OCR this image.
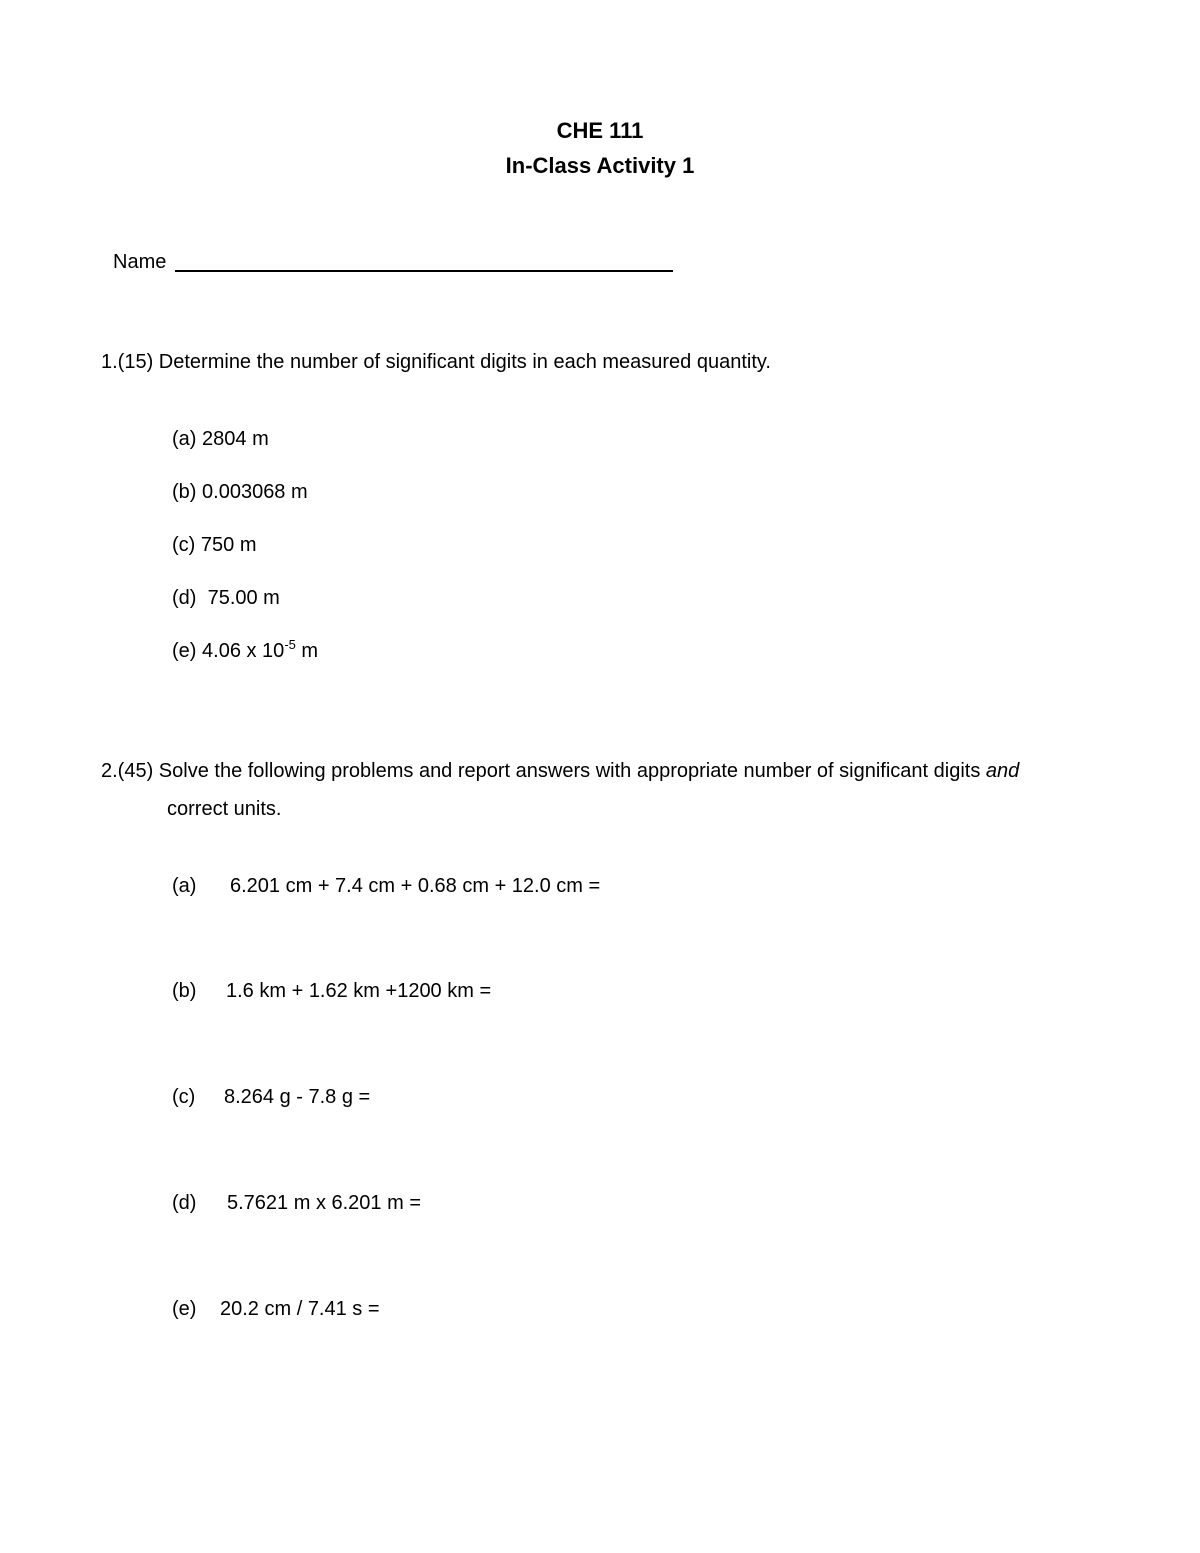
CHE 111
In-Class Activity 1
Name
1.(15) Determine the number of significant digits in each measured quantity.
(a) 2804 m
(b) 0.003068 m
(c) 750 m
(d)  75.00 m
(e) 4.06 x $10^{-5}$ m
2.(45) Solve the following problems and report answers with appropriate number of significant digits and
correct units.
(a) 6.201 cm + 7.4 cm + 0.68 cm + 12.0 cm =
(b) 1.6 km + 1.62 km +1200 km =
(c) 8.264 g - 7.8 g =
(d) 5.7621 m x 6.201 m =
(e) 20.2 cm / 7.41 s =
